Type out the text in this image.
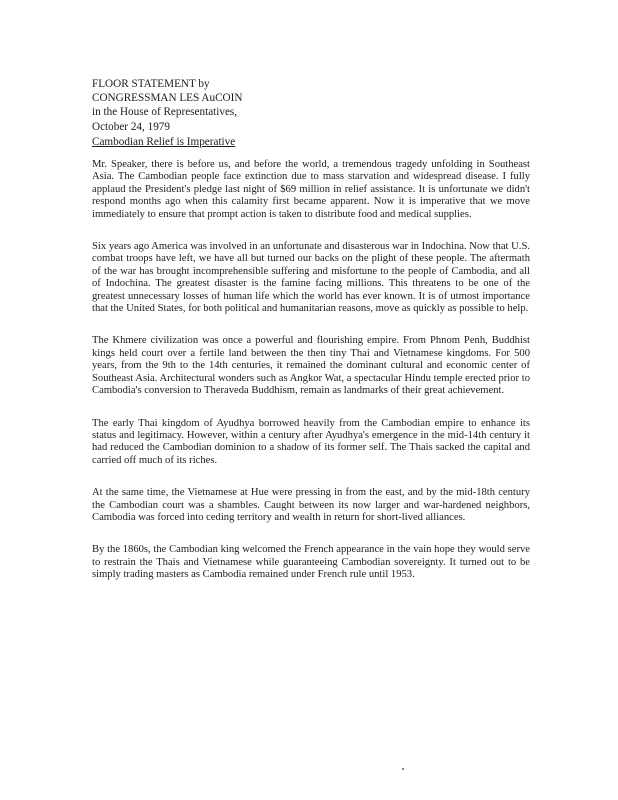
FLOOR STATEMENT by
CONGRESSMAN LES AuCOIN
in the House of Representatives,
October 24, 1979
Cambodian Relief is Imperative

Mr. Speaker, there is before us, and before the world, a tremendous tragedy unfolding in Southeast Asia. The Cambodian people face extinction due to mass starvation and widespread disease. I fully applaud the President's pledge last night of $69 million in relief assistance. It is unfortunate we didn't respond months ago when this calamity first became apparent. Now it is imperative that we move immediately to ensure that prompt action is taken to distribute food and medical supplies.

Six years ago America was involved in an unfortunate and disasterous war in Indochina. Now that U.S. combat troops have left, we have all but turned our backs on the plight of these people. The aftermath of the war has brought incomprehensible suffering and misfortune to the people of Cambodia, and all of Indochina. The greatest disaster is the famine facing millions. This threatens to be one of the greatest unnecessary losses of human life which the world has ever known. It is of utmost importance that the United States, for both political and humanitarian reasons, move as quickly as possible to help.

The Khmere civilization was once a powerful and flourishing empire. From Phnom Penh, Buddhist kings held court over a fertile land between the then tiny Thai and Vietnamese kingdoms. For 500 years, from the 9th to the 14th centuries, it remained the dominant cultural and economic center of Southeast Asia. Architectural wonders such as Angkor Wat, a spectacular Hindu temple erected prior to Cambodia's conversion to Theraveda Buddhism, remain as landmarks of their great achievement.

The early Thai kingdom of Ayudhya borrowed heavily from the Cambodian empire to enhance its status and legitimacy. However, within a century after Ayudhya's emergence in the mid-14th century it had reduced the Cambodian dominion to a shadow of its former self. The Thais sacked the capital and carried off much of its riches.

At the same time, the Vietnamese at Hue were pressing in from the east, and by the mid-18th century the Cambodian court was a shambles. Caught between its now larger and war-hardened neighbors, Cambodia was forced into ceding territory and wealth in return for short-lived alliances.

By the 1860s, the Cambodian king welcomed the French appearance in the vain hope they would serve to restrain the Thais and Vietnamese while guaranteeing Cambodian sovereignty. It turned out to be simply trading masters as Cambodia remained under French rule until 1953.
